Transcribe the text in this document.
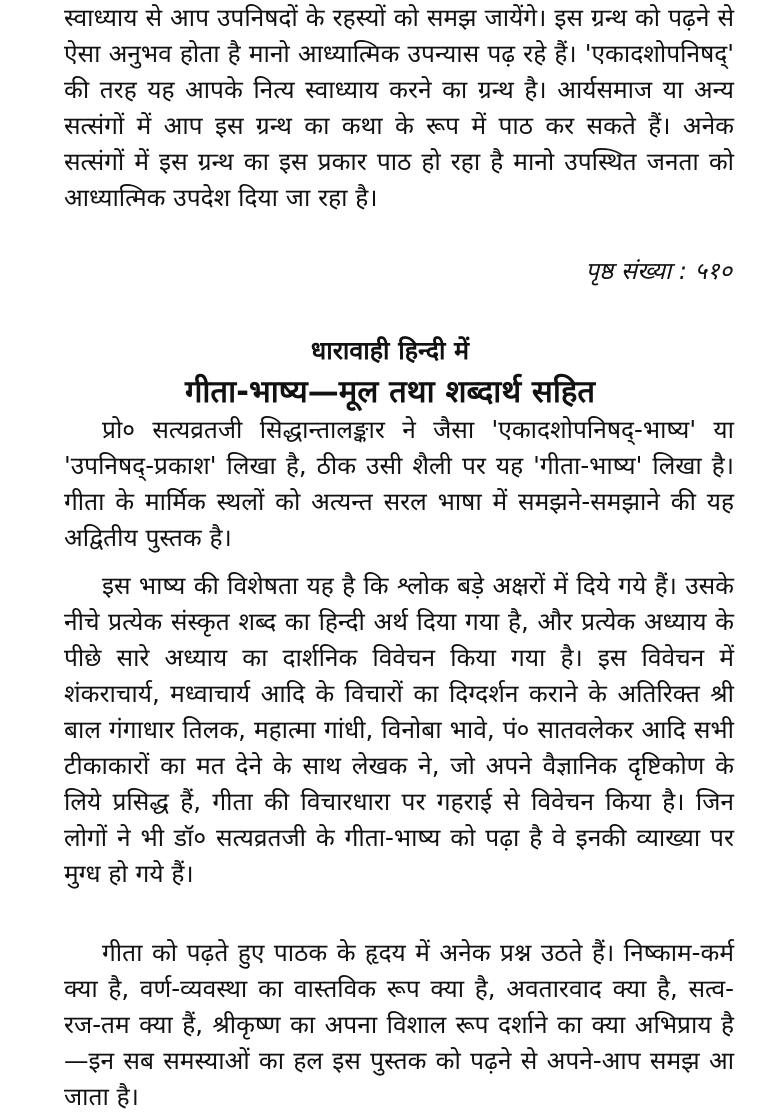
स्वाध्याय से आप उपनिषदों के रहस्यों को समझ जायेंगे। इस ग्रन्थ को पढ़ने से ऐसा अनुभव होता है मानो आध्यात्मिक उपन्यास पढ़ रहे हैं। 'एकादशोपनिषद्' की तरह यह आपके नित्य स्वाध्याय करने का ग्रन्थ है। आर्यसमाज या अन्य सत्संगों में आप इस ग्रन्थ का कथा के रूप में पाठ कर सकते हैं। अनेक सत्संगों में इस ग्रन्थ का इस प्रकार पाठ हो रहा है मानो उपस्थित जनता को आध्यात्मिक उपदेश दिया जा रहा है।

पृष्ठ संख्या : ५१०

धारावाही हिन्दी में
गीता-भाष्य—मूल तथा शब्दार्थ सहित

प्रो० सत्यव्रतजी सिद्धान्तालङ्कार ने जैसा 'एकादशोपनिषद्-भाष्य' या 'उपनिषद्-प्रकाश' लिखा है, ठीक उसी शैली पर यह 'गीता-भाष्य' लिखा है। गीता के मार्मिक स्थलों को अत्यन्त सरल भाषा में समझने-समझाने की यह अद्वितीय पुस्तक है।

इस भाष्य की विशेषता यह है कि श्लोक बड़े अक्षरों में दिये गये हैं। उसके नीचे प्रत्येक संस्कृत शब्द का हिन्दी अर्थ दिया गया है, और प्रत्येक अध्याय के पीछे सारे अध्याय का दार्शनिक विवेचन किया गया है। इस विवेचन में शंकराचार्य, मध्वाचार्य आदि के विचारों का दिग्दर्शन कराने के अतिरिक्त श्री बाल गंगाधार तिलक, महात्मा गांधी, विनोबा भावे, पं० सातवलेकर आदि सभी टीकाकारों का मत देने के साथ लेखक ने, जो अपने वैज्ञानिक दृष्टिकोण के लिये प्रसिद्ध हैं, गीता की विचारधारा पर गहराई से विवेचन किया है। जिन लोगों ने भी डॉ० सत्यव्रतजी के गीता-भाष्य को पढ़ा है वे इनकी व्याख्या पर मुग्ध हो गये हैं।

गीता को पढ़ते हुए पाठक के हृदय में अनेक प्रश्न उठते हैं। निष्काम-कर्म क्या है, वर्ण-व्यवस्था का वास्तविक रूप क्या है, अवतारवाद क्या है, सत्व-रज-तम क्या हैं, श्रीकृष्ण का अपना विशाल रूप दर्शाने का क्या अभिप्राय है—इन सब समस्याओं का हल इस पुस्तक को पढ़ने से अपने-आप समझ आ जाता है।
